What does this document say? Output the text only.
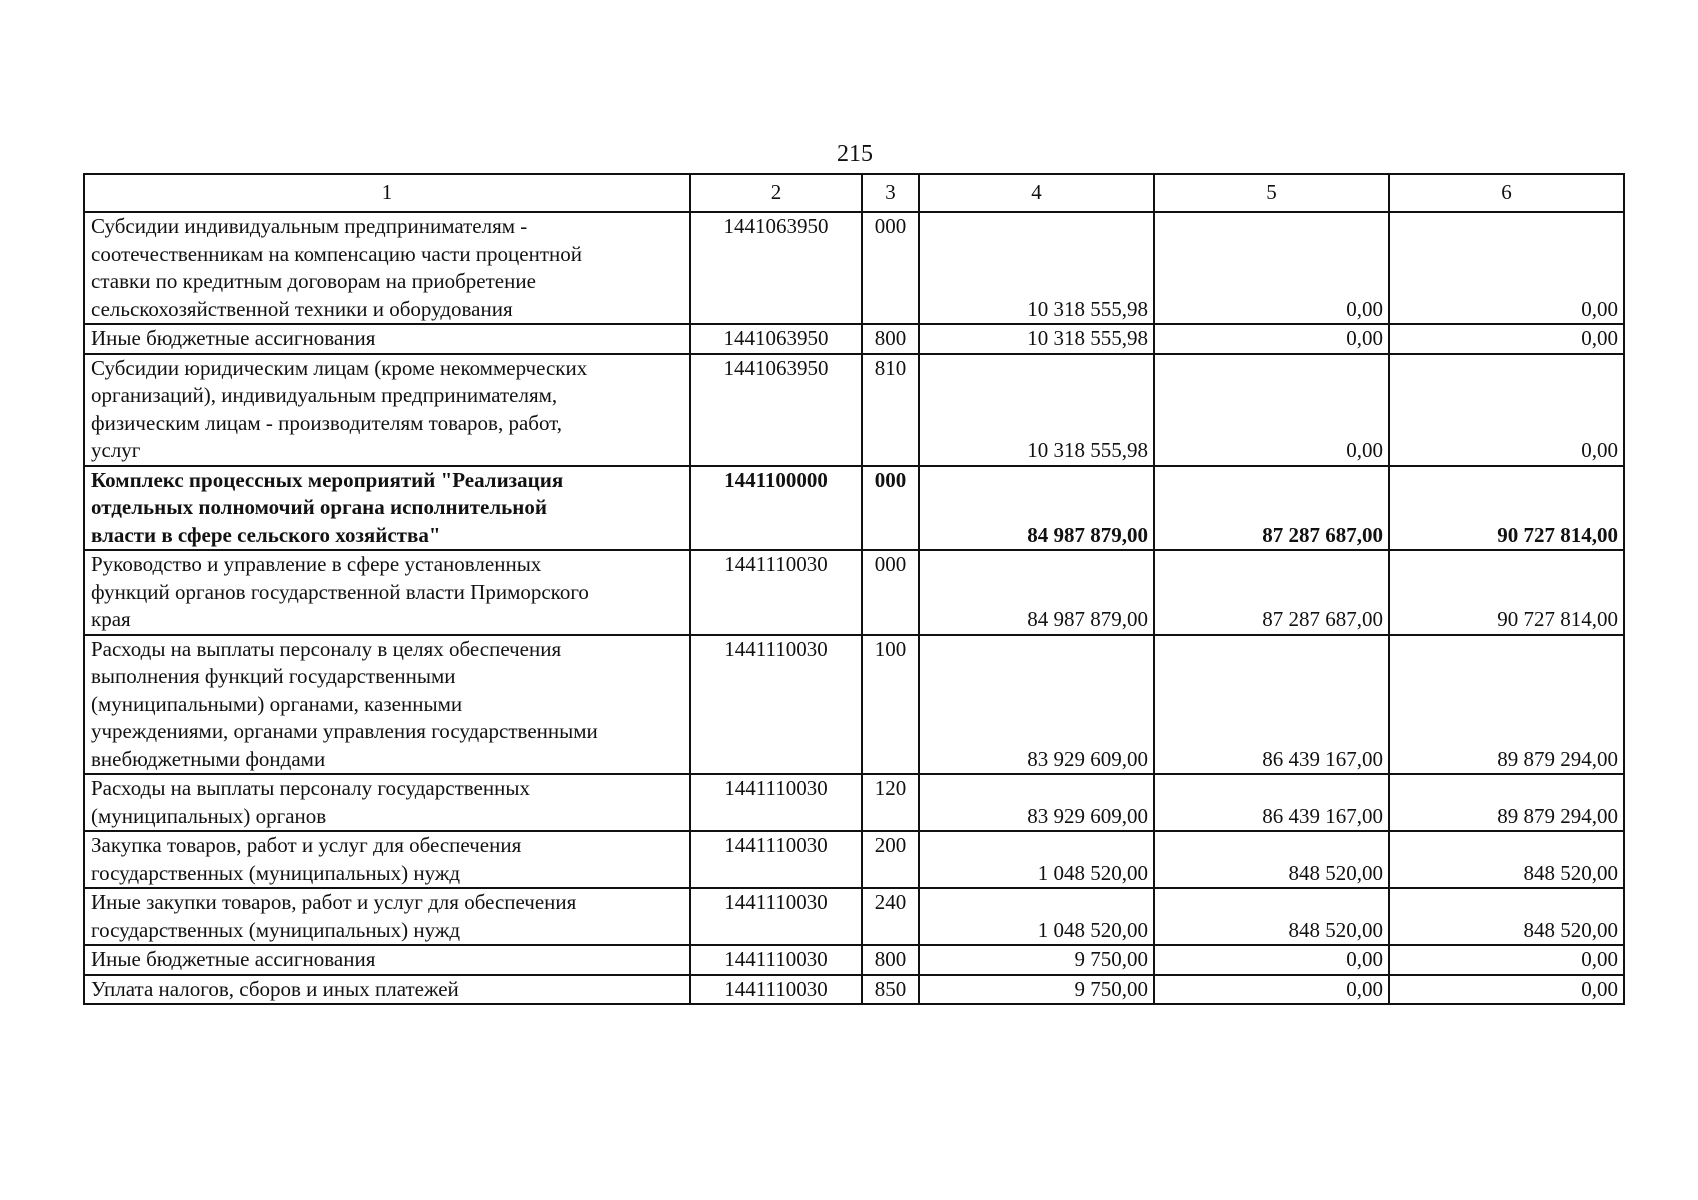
215
1	2	3	4	5	6

Субсидии индивидуальным предпринимателям -
соотечественникам на компенсацию части процентной
ставки по кредитным договорам на приобретение
сельскохозяйственной техники и оборудования	1441063950	000	10 318 555,98	0,00	0,00

Иные бюджетные ассигнования	1441063950	800	10 318 555,98	0,00	0,00

Субсидии юридическим лицам (кроме некоммерческих
организаций), индивидуальным предпринимателям,
физическим лицам - производителям товаров, работ,
услуг	1441063950	810	10 318 555,98	0,00	0,00

Комплекс процессных мероприятий "Реализация
отдельных полномочий органа исполнительной
власти в сфере сельского хозяйства"	1441100000	000	84 987 879,00	87 287 687,00	90 727 814,00

Руководство и управление в сфере установленных
функций органов государственной власти Приморского
края	1441110030	000	84 987 879,00	87 287 687,00	90 727 814,00

Расходы на выплаты персоналу в целях обеспечения
выполнения функций государственными
(муниципальными) органами, казенными
учреждениями, органами управления государственными
внебюджетными фондами	1441110030	100	83 929 609,00	86 439 167,00	89 879 294,00

Расходы на выплаты персоналу государственных
(муниципальных) органов	1441110030	120	83 929 609,00	86 439 167,00	89 879 294,00

Закупка товаров, работ и услуг для обеспечения
государственных (муниципальных) нужд	1441110030	200	1 048 520,00	848 520,00	848 520,00

Иные закупки товаров, работ и услуг для обеспечения
государственных (муниципальных) нужд	1441110030	240	1 048 520,00	848 520,00	848 520,00

Иные бюджетные ассигнования	1441110030	800	9 750,00	0,00	0,00

Уплата налогов, сборов и иных платежей	1441110030	850	9 750,00	0,00	0,00
